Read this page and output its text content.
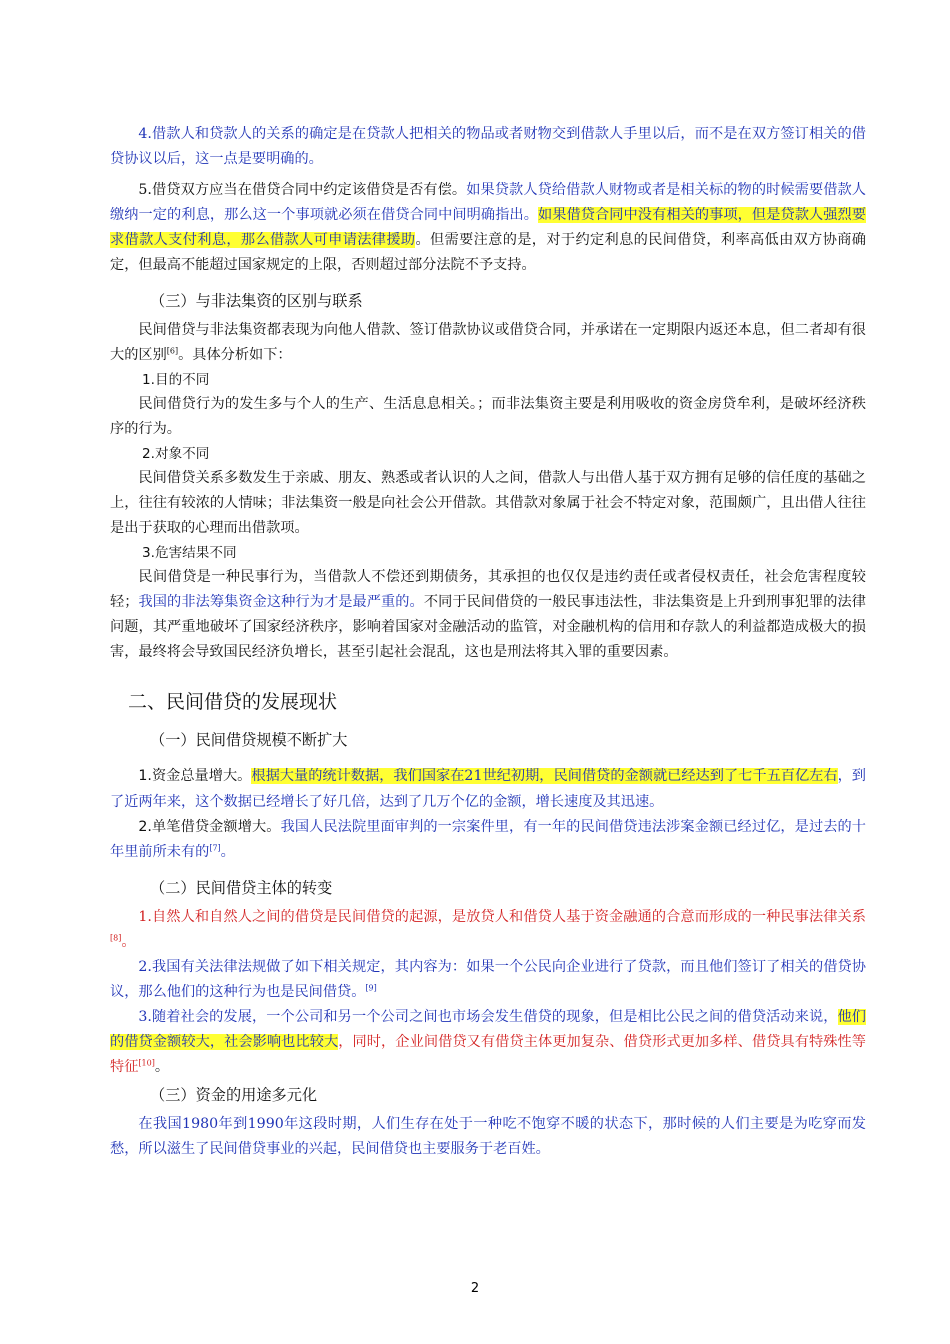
4.借款人和贷款人的关系的确定是在贷款人把相关的物品或者财物交到借款人手里以后，而不是在双方签订相关的借贷协议以后，这一点是要明确的。

5.借贷双方应当在借贷合同中约定该借贷是否有偿。如果贷款人贷给借款人财物或者是相关标的物的时候需要借款人缴纳一定的利息，那么这一个事项就必须在借贷合同中间明确指出。如果借贷合同中没有相关的事项，但是贷款人强烈要求借款人支付利息，那么借款人可申请法律援助。但需要注意的是，对于约定利息的民间借贷，利率高低由双方协商确定，但最高不能超过国家规定的上限，否则超过部分法院不予支持。

（三）与非法集资的区别与联系

民间借贷与非法集资都表现为向他人借款、签订借款协议或借贷合同，并承诺在一定期限内返还本息，但二者却有很大的区别[6]。具体分析如下：

1.目的不同

民间借贷行为的发生多与个人的生产、生活息息相关。；而非法集资主要是利用吸收的资金房贷牟利，是破坏经济秩序的行为。

2.对象不同

民间借贷关系多数发生于亲戚、朋友、熟悉或者认识的人之间，借款人与出借人基于双方拥有足够的信任度的基础之上，往往有较浓的人情味；非法集资一般是向社会公开借款。其借款对象属于社会不特定对象，范围颇广，且出借人往往是出于获取的心理而出借款项。

3.危害结果不同

民间借贷是一种民事行为，当借款人不偿还到期债务，其承担的也仅仅是违约责任或者侵权责任，社会危害程度较轻；我国的非法筹集资金这种行为才是最严重的。不同于民间借贷的一般民事违法性，非法集资是上升到刑事犯罪的法律问题，其严重地破坏了国家经济秩序，影响着国家对金融活动的监管，对金融机构的信用和存款人的利益都造成极大的损害，最终将会导致国民经济负增长，甚至引起社会混乱，这也是刑法将其入罪的重要因素。

二、民间借贷的发展现状
（一）民间借贷规模不断扩大

1.资金总量增大。根据大量的统计数据，我们国家在21世纪初期，民间借贷的金额就已经达到了七千五百亿左右，到了近两年来，这个数据已经增长了好几倍，达到了几万个亿的金额，增长速度及其迅速。

2.单笔借贷金额增大。我国人民法院里面审判的一宗案件里，有一年的民间借贷违法涉案金额已经过亿，是过去的十年里前所未有的[7]。

（二）民间借贷主体的转变

1.自然人和自然人之间的借贷是民间借贷的起源，是放贷人和借贷人基于资金融通的合意而形成的一种民事法律关系[8]。

2.我国有关法律法规做了如下相关规定，其内容为：如果一个公民向企业进行了贷款，而且他们签订了相关的借贷协议，那么他们的这种行为也是民间借贷。[9]

3.随着社会的发展，一个公司和另一个公司之间也市场会发生借贷的现象，但是相比公民之间的借贷活动来说，他们的借贷金额较大，社会影响也比较大，同时，企业间借贷又有借贷主体更加复杂、借贷形式更加多样、借贷具有特殊性等特征[10]。

（三）资金的用途多元化

在我国1980年到1990年这段时期，人们生存在处于一种吃不饱穿不暖的状态下，那时候的人们主要是为吃穿而发愁，所以滋生了民间借贷事业的兴起，民间借贷也主要服务于老百姓。

2
